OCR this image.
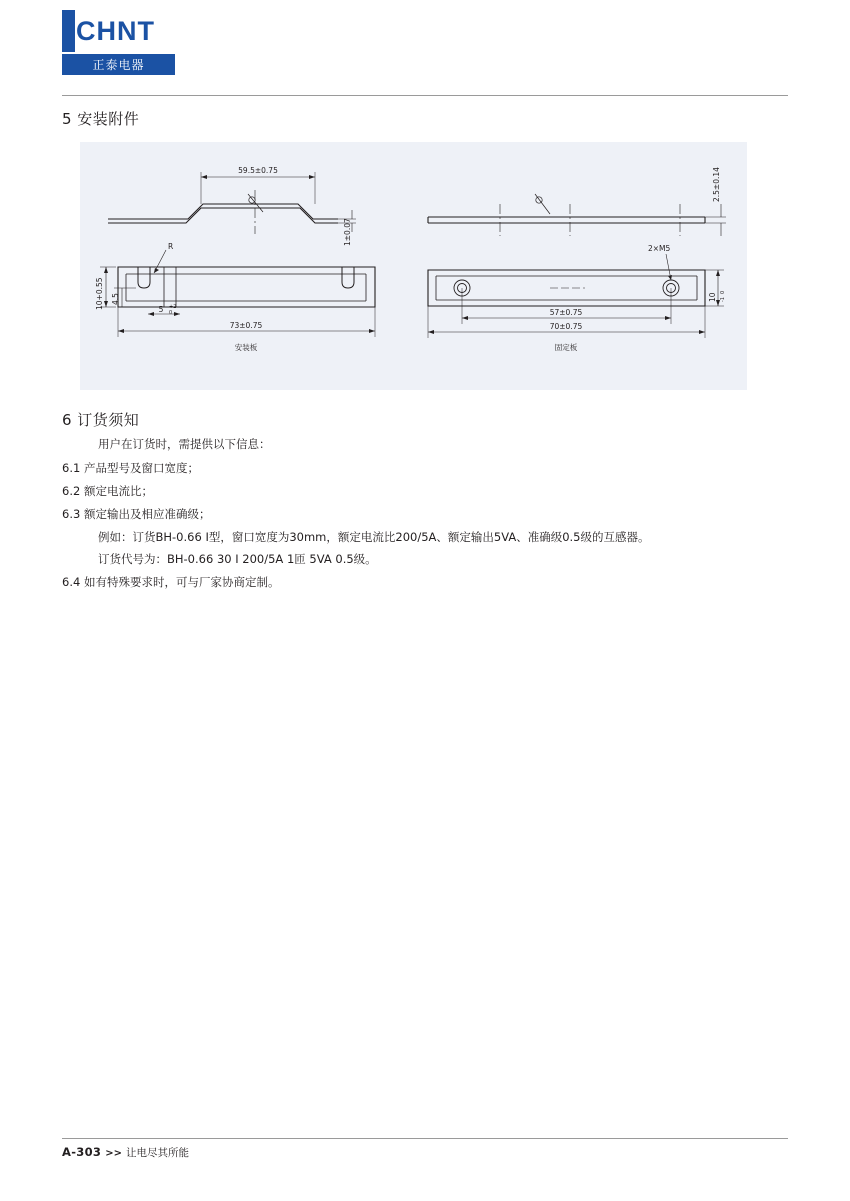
CHNT
正泰电器
5 安装附件
59.5±0.75
1±0.07
R
10+0.55 4.5
5 +2
0
73±0.75
安装板
2.5±0.14
2×M5
10
0
-1
57±0.75
70±0.75
固定板
6 订货须知
用户在订货时，需提供以下信息：
6.1 产品型号及窗口宽度；
6.2 额定电流比；
6.3 额定输出及相应准确级；
例如：订货BH-0.66 Ⅰ型，窗口宽度为30mm，额定电流比200/5A、额定输出5VA、准确级0.5级的互感器。
订货代号为：BH-0.66 30 Ⅰ 200/5A 1匝 5VA 0.5级。
6.4 如有特殊要求时，可与厂家协商定制。
A-303 >> 让电尽其所能
